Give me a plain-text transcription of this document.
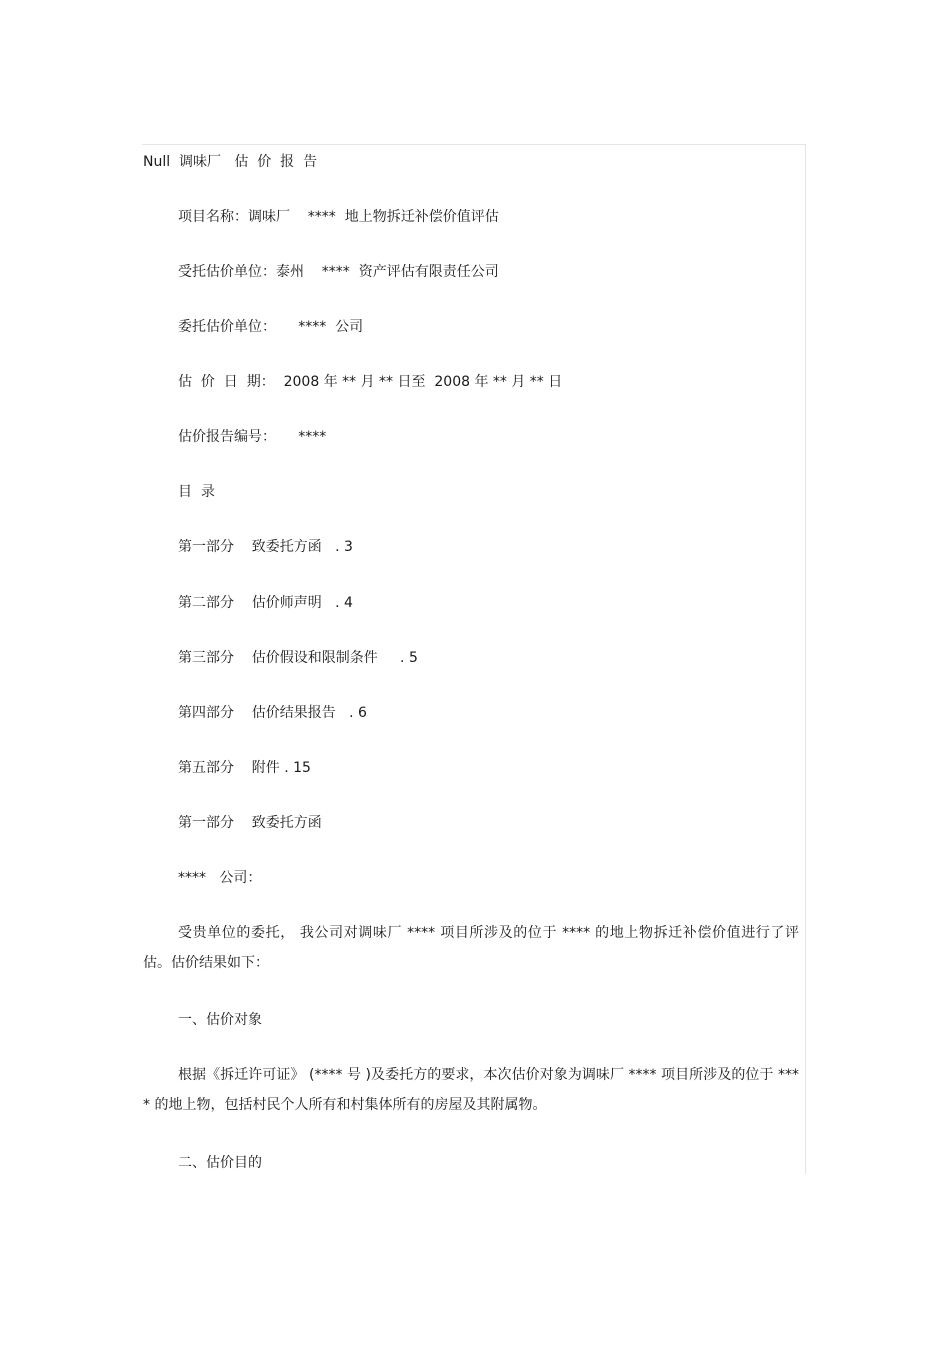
Null  调味厂   估  价  报  告

项目名称：调味厂    ****  地上物拆迁补偿价值评估

受托估价单位：泰州    ****  资产评估有限责任公司

委托估价单位：     ****  公司

估  价  日  期：  2008 年 ** 月 ** 日至  2008 年 ** 月 ** 日

估价报告编号：     ****

目  录

第一部分    致委托方函   . 3

第二部分    估价师声明   . 4

第三部分    估价假设和限制条件     . 5

第四部分    估价结果报告   . 6

第五部分    附件 . 15

第一部分    致委托方函

****   公司：

受贵单位的委托， 我公司对调味厂 **** 项目所涉及的位于 **** 的地上物拆迁补偿价值进行了评估。估价结果如下：

一、估价对象

根据《拆迁许可证》 (**** 号 )及委托方的要求，本次估价对象为调味厂 **** 项目所涉及的位于 **** 的地上物，包括村民个人所有和村集体所有的房屋及其附属物。

二、估价目的
